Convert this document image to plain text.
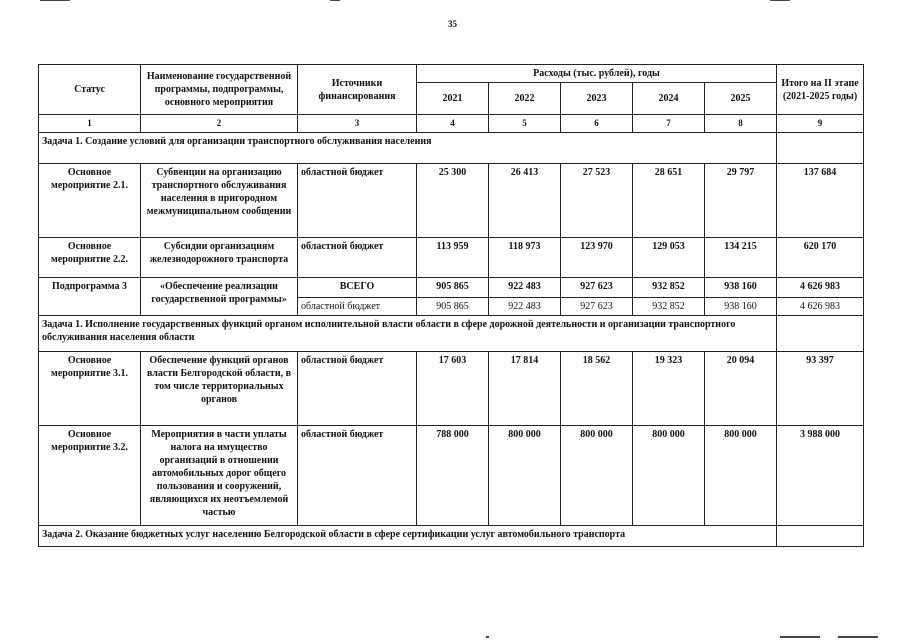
35
Статус	Наименование государственной программы, подпрограммы, основного мероприятия	Источники финансирования	Расходы (тыс. рублей), годы					Итого на II этапе (2021-2025 годы)
			2021	2022	2023	2024	2025	
1	2	3	4	5	6	7	8	9
Задача 1. Создание условий для организации транспортного обслуживания населения								
Основное мероприятие 2.1.	Субвенции на организацию транспортного обслуживания населения в пригородном межмуниципальном сообщении	областной бюджет	25 300	26 413	27 523	28 651	29 797	137 684
Основное мероприятие 2.2.	Субсидии организациям железнодорожного транспорта	областной бюджет	113 959	118 973	123 970	129 053	134 215	620 170
Подпрограмма 3	«Обеспечение реализации государственной программы»	ВСЕГО	905 865	922 483	927 623	932 852	938 160	4 626 983
		областной бюджет	905 865	922 483	927 623	932 852	938 160	4 626 983
Задача 1. Исполнение государственных функций органом исполнительной власти области в сфере дорожной деятельности и организации транспортного обслуживания населения области								
Основное мероприятие 3.1.	Обеспечение функций органов власти Белгородской области, в том числе территориальных органов	областной бюджет	17 603	17 814	18 562	19 323	20 094	93 397
Основное мероприятие 3.2.	Мероприятия в части уплаты налога на имущество организаций в отношении автомобильных дорог общего пользования и сооружений, являющихся их неотъемлемой частью	областной бюджет	788 000	800 000	800 000	800 000	800 000	3 988 000
Задача 2. Оказание бюджетных услуг населению Белгородской области в сфере сертификации услуг автомобильного транспорта								
